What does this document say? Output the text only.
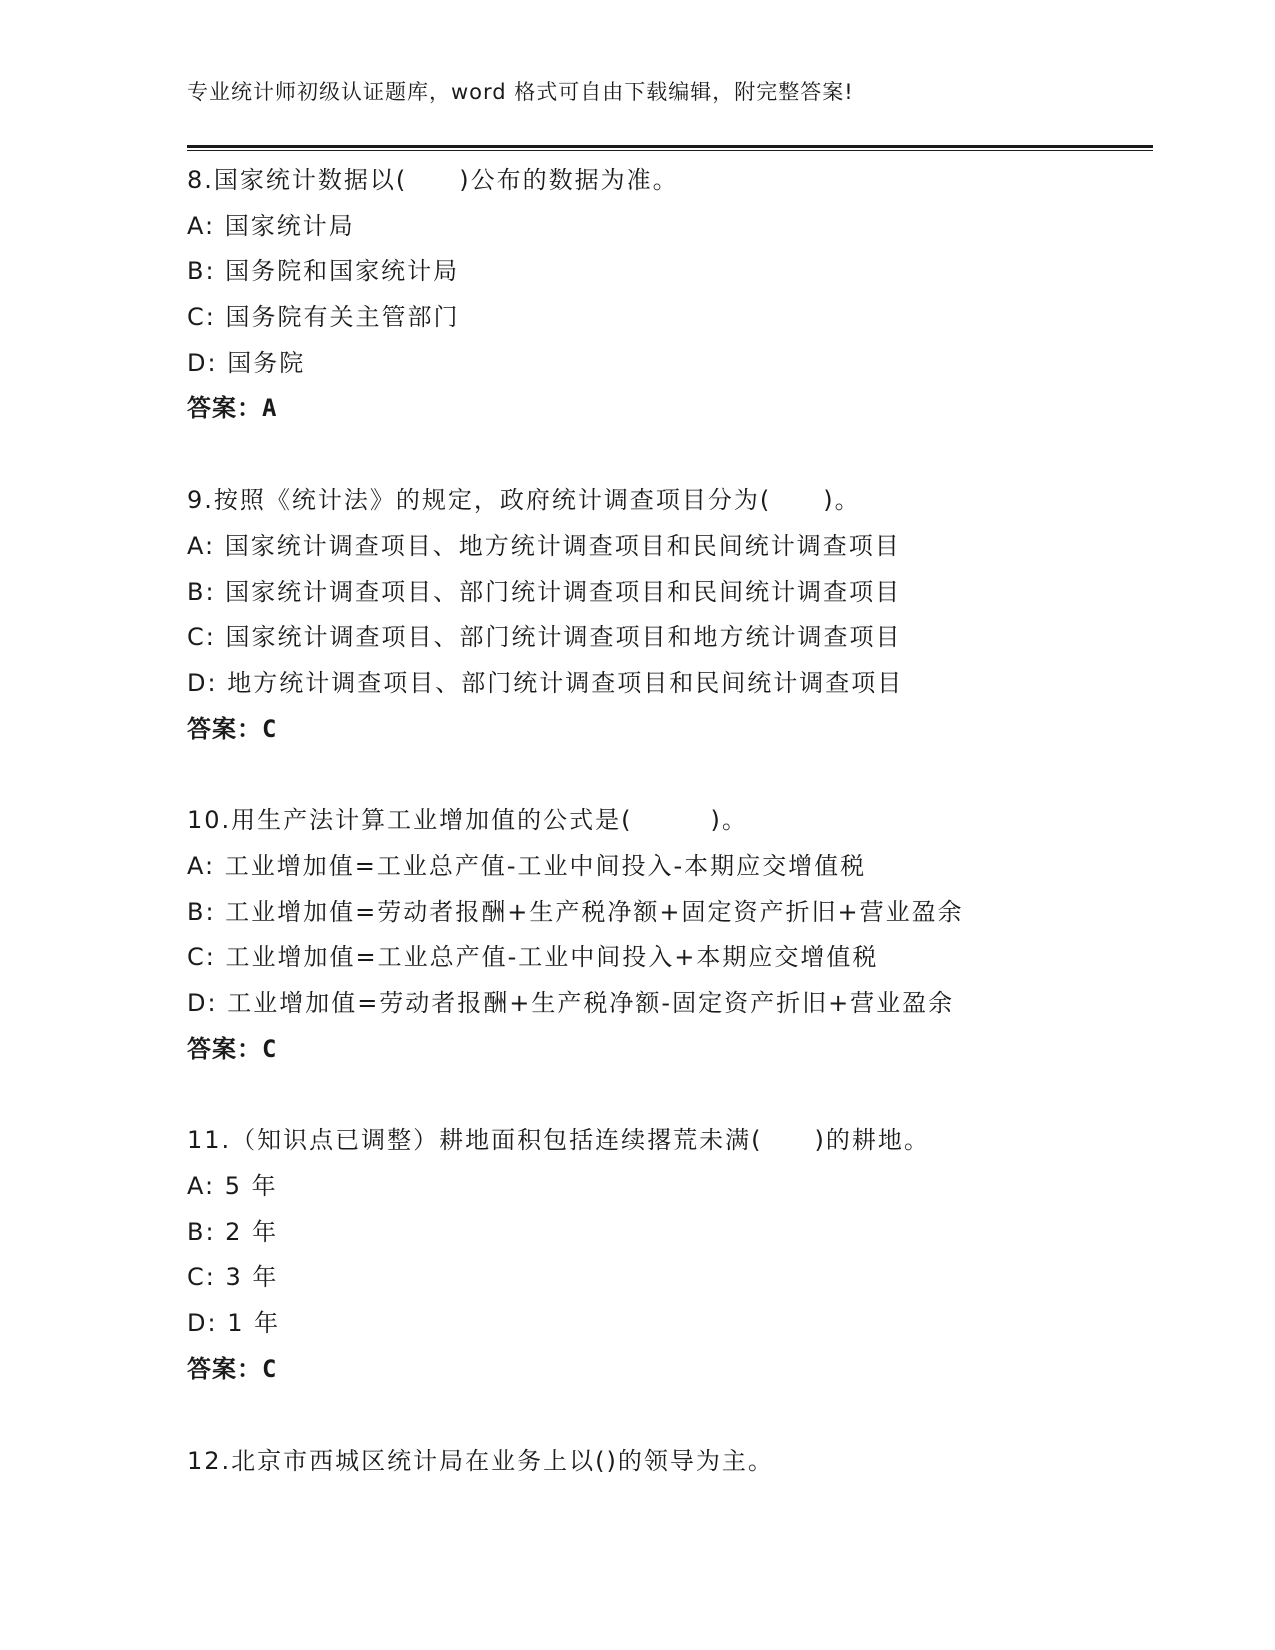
专业统计师初级认证题库，word 格式可自由下载编辑，附完整答案!
8.国家统计数据以(　　)公布的数据为准。
A: 国家统计局
B: 国务院和国家统计局
C: 国务院有关主管部门
D: 国务院
答案：A
9.按照《统计法》的规定，政府统计调查项目分为(　　)。
A: 国家统计调查项目、地方统计调查项目和民间统计调查项目
B: 国家统计调查项目、部门统计调查项目和民间统计调查项目
C: 国家统计调查项目、部门统计调查项目和地方统计调查项目
D: 地方统计调查项目、部门统计调查项目和民间统计调查项目
答案：C
10.用生产法计算工业增加值的公式是(　　　)。
A: 工业增加值=工业总产值-工业中间投入-本期应交增值税
B: 工业增加值=劳动者报酬+生产税净额+固定资产折旧+营业盈余
C: 工业增加值=工业总产值-工业中间投入+本期应交增值税
D: 工业增加值=劳动者报酬+生产税净额-固定资产折旧+营业盈余
答案：C
11.（知识点已调整）耕地面积包括连续撂荒未满(　　)的耕地。
A: 5 年
B: 2 年
C: 3 年
D: 1 年
答案：C
12.北京市西城区统计局在业务上以()的领导为主。
